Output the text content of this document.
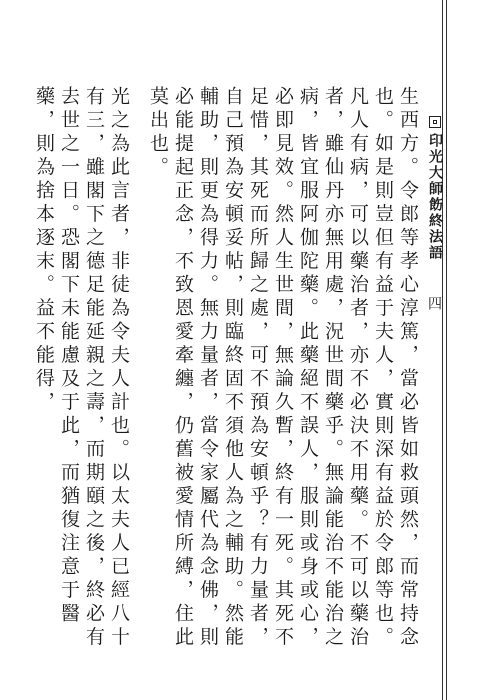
印光大師飭終法語
四

生西方。令郎等孝心淳篤，當必皆如救頭然，而常持念也。如是則豈但有益于夫人，實則深有益於令郎等也。

凡人有病，可以藥治者，亦不必決不用藥。不可以藥治者，雖仙丹亦無用處，況世間藥乎。無論能治不能治之病，皆宜服阿伽陀藥。此藥絕不誤人，服則或身或心，必即見效。然人生世間，無論久暫，終有一死。其死不足惜，其死而所歸之處，可不預為安頓乎？有力量者，自己預為安頓妥帖，則臨終固不須他人為之輔助。然能輔助，則更為得力。無力量者，當令家屬代為念佛，則必能提起正念，不致恩愛牽纏，仍舊被愛情所縛，住此莫出也。

光之為此言者，非徒為令夫人計也。以太夫人已經八十有三，雖閣下之德足能延親之壽，而期頤之後，終必有去世之一日。恐閣下未能慮及于此，而猶復注意于醫藥，則為捨本逐末。益不能得，
